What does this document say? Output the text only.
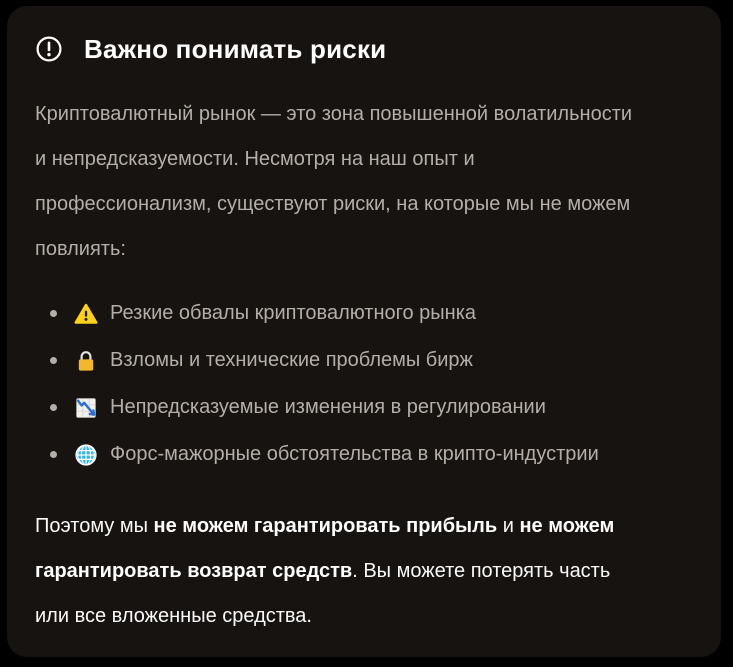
Важно понимать риски

Криптовалютный рынок — это зона повышенной волатильности и непредсказуемости. Несмотря на наш опыт и профессионализм, существуют риски, на которые мы не можем повлиять:

Резкие обвалы криптовалютного рынка
Взломы и технические проблемы бирж
Непредсказуемые изменения в регулировании
Форс-мажорные обстоятельства в крипто-индустрии

Поэтому мы не можем гарантировать прибыль и не можем гарантировать возврат средств. Вы можете потерять часть или все вложенные средства.
